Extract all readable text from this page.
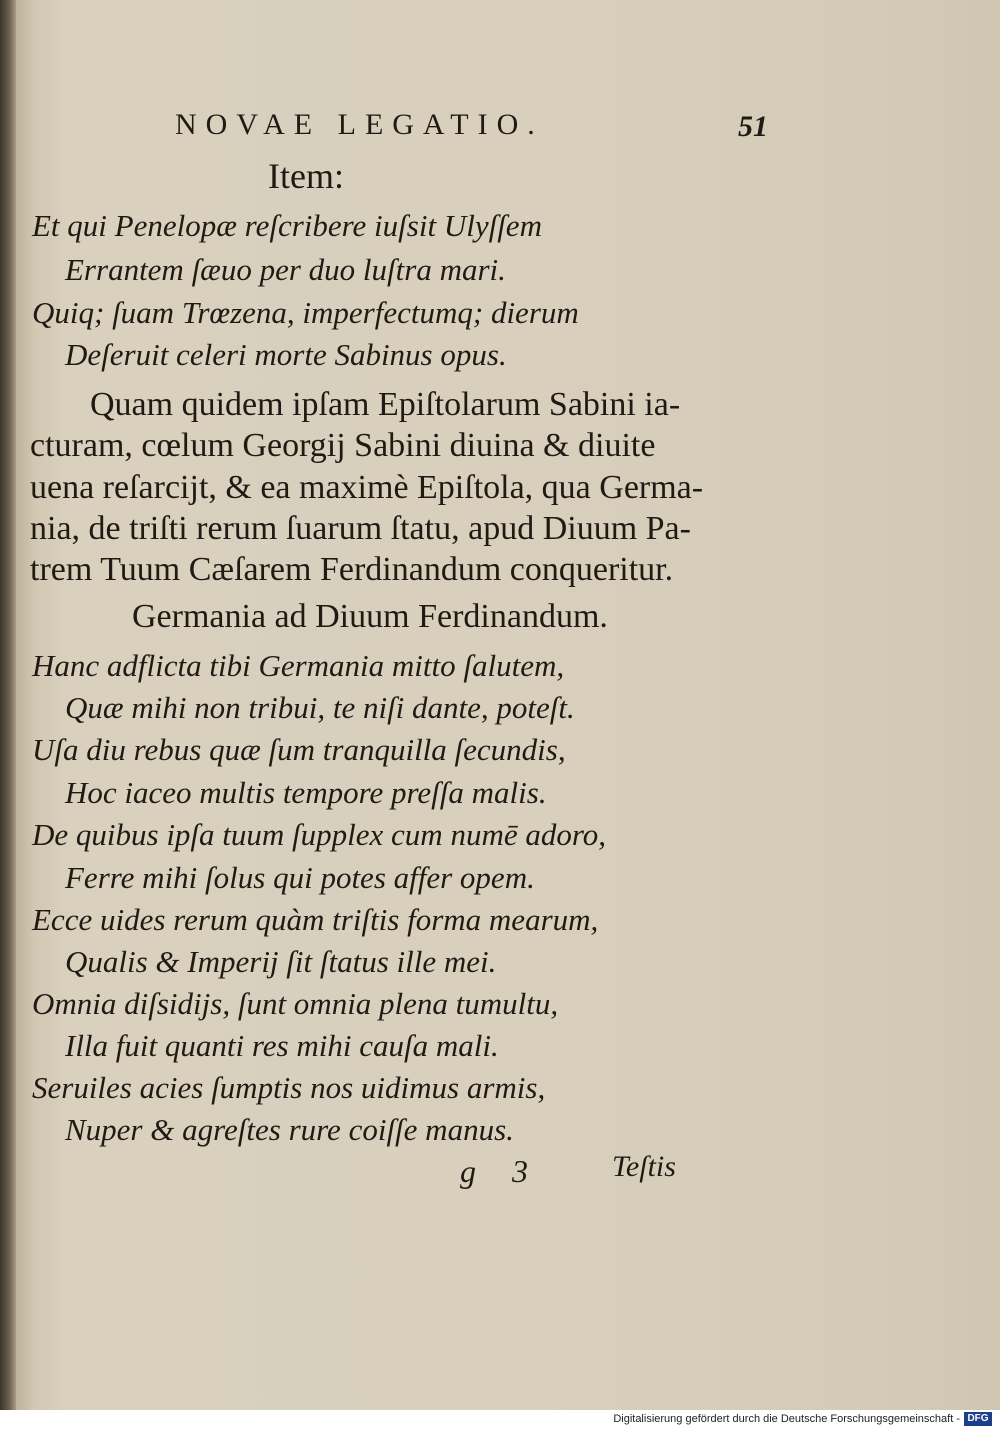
NOVAE LEGATIO.	51
Item:
Et qui Penelopæ reſcribere iuſsit Ulyſſem
Errantem ſæuo per duo luſtra mari.
Quiq; ſuam Trœzena, imperfectumq; dierum
Deſeruit celeri morte Sabinus opus.
Quam quidem ipſam Epiſtolarum Sabini ia-
cturam, cœlum Georgij Sabini diuina & diuite
uena reſarcijt, & ea maximè Epiſtola, qua Germa-
nia, de triſti rerum ſuarum ſtatu, apud Diuum Pa-
trem Tuum Cæſarem Ferdinandum conqueritur.
Germania ad Diuum Ferdinandum.
Hanc adflicta tibi Germania mitto ſalutem,
Quæ mihi non tribui, te niſi dante, poteſt.
Uſa diu rebus quæ ſum tranquilla ſecundis,
Hoc iaceo multis tempore preſſa malis.
De quibus ipſa tuum ſupplex cum numē adoro,
Ferre mihi ſolus qui potes affer opem.
Ecce uides rerum quàm triſtis forma mearum,
Qualis & Imperij ſit ſtatus ille mei.
Omnia diſsidijs, ſunt omnia plena tumultu,
Illa fuit quanti res mihi cauſa mali.
Seruiles acies ſumptis nos uidimus armis,
Nuper & agreſtes rure coiſſe manus.
g 3 Teſtis
Digitalisierung gefördert durch die Deutsche Forschungsgemeinschaft - DFG
